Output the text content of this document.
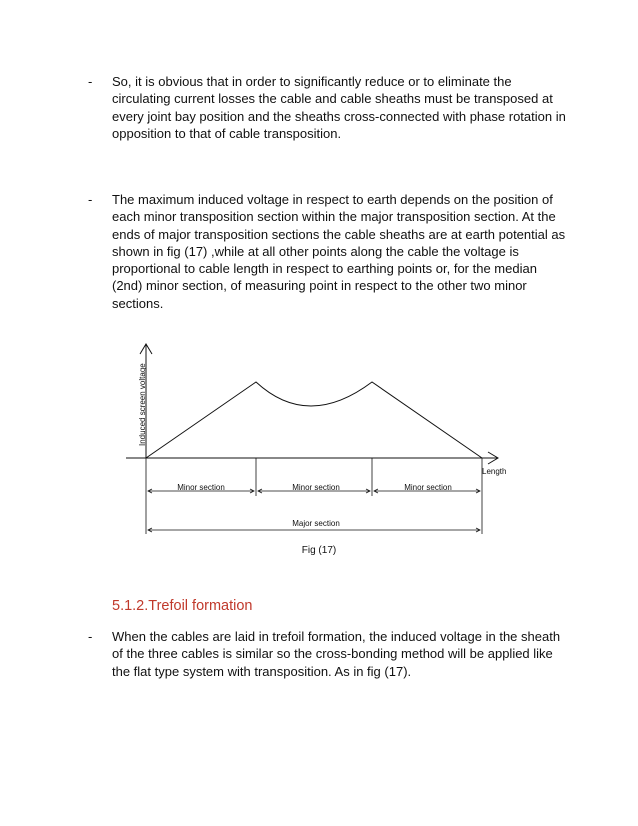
- So, it is obvious that in order to significantly reduce or to eliminate the circulating current losses the cable and cable sheaths must be transposed at every joint bay position and the sheaths cross-connected with phase rotation in opposition to that of cable transposition.
- The maximum induced voltage in respect to earth depends on the position of each minor transposition section within the major transposition section. At the ends of major transposition sections the cable sheaths are at earth potential as shown in fig (17) ,while at all other points along the cable the voltage is proportional to cable length in respect to earthing points or, for the median (2nd) minor section, of measuring point in respect to the other two minor sections.
Induced screen voltage
Length
Minor section	Minor section	Minor section
Major section
Fig (17)
5.1.2.Trefoil formation
- When the cables are laid in trefoil formation, the induced voltage in the sheath of the three cables is similar so the cross-bonding method will be applied like the flat type system with transposition. As in fig (17).
